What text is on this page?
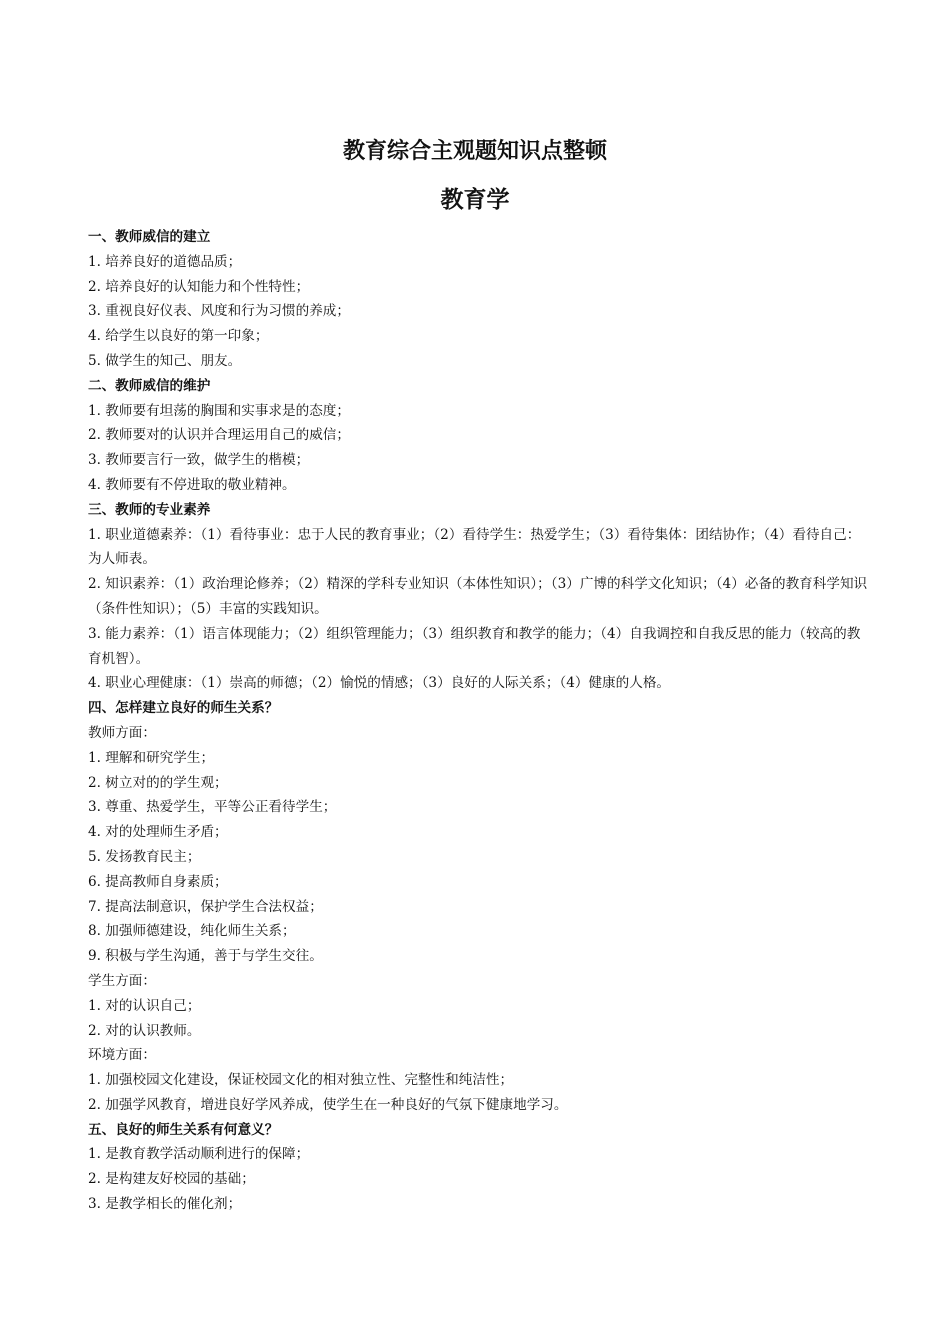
教育综合主观题知识点整顿
教育学
一、教师威信的建立
1. 培养良好的道德品质；
2. 培养良好的认知能力和个性特性；
3. 重视良好仪表、风度和行为习惯的养成；
4. 给学生以良好的第一印象；
5. 做学生的知己、朋友。
二、教师威信的维护
1. 教师要有坦荡的胸围和实事求是的态度；
2. 教师要对的认识并合理运用自己的威信；
3. 教师要言行一致，做学生的楷模；
4. 教师要有不停进取的敬业精神。
三、教师的专业素养
1. 职业道德素养：（1）看待事业：忠于人民的教育事业；（2）看待学生：热爱学生；（3）看待集体：团结协作；（4）看待自己：为人师表。
2. 知识素养：（1）政治理论修养；（2）精深的学科专业知识（本体性知识）；（3）广博的科学文化知识；（4）必备的教育科学知识（条件性知识）；（5）丰富的实践知识。
3. 能力素养：（1）语言体现能力；（2）组织管理能力；（3）组织教育和教学的能力；（4）自我调控和自我反思的能力（较高的教育机智）。
4. 职业心理健康：（1）崇高的师德；（2）愉悦的情感；（3）良好的人际关系；（4）健康的人格。
四、怎样建立良好的师生关系？
教师方面：
1. 理解和研究学生；
2. 树立对的的学生观；
3. 尊重、热爱学生，平等公正看待学生；
4. 对的处理师生矛盾；
5. 发扬教育民主；
6. 提高教师自身素质；
7. 提高法制意识，保护学生合法权益；
8. 加强师德建设，纯化师生关系；
9. 积极与学生沟通，善于与学生交往。
学生方面：
1. 对的认识自己；
2. 对的认识教师。
环境方面：
1. 加强校园文化建设，保证校园文化的相对独立性、完整性和纯洁性；
2. 加强学风教育，增进良好学风养成，使学生在一种良好的气氛下健康地学习。
五、良好的师生关系有何意义？
1. 是教育教学活动顺利进行的保障；
2. 是构建友好校园的基础；
3. 是教学相长的催化剂；
